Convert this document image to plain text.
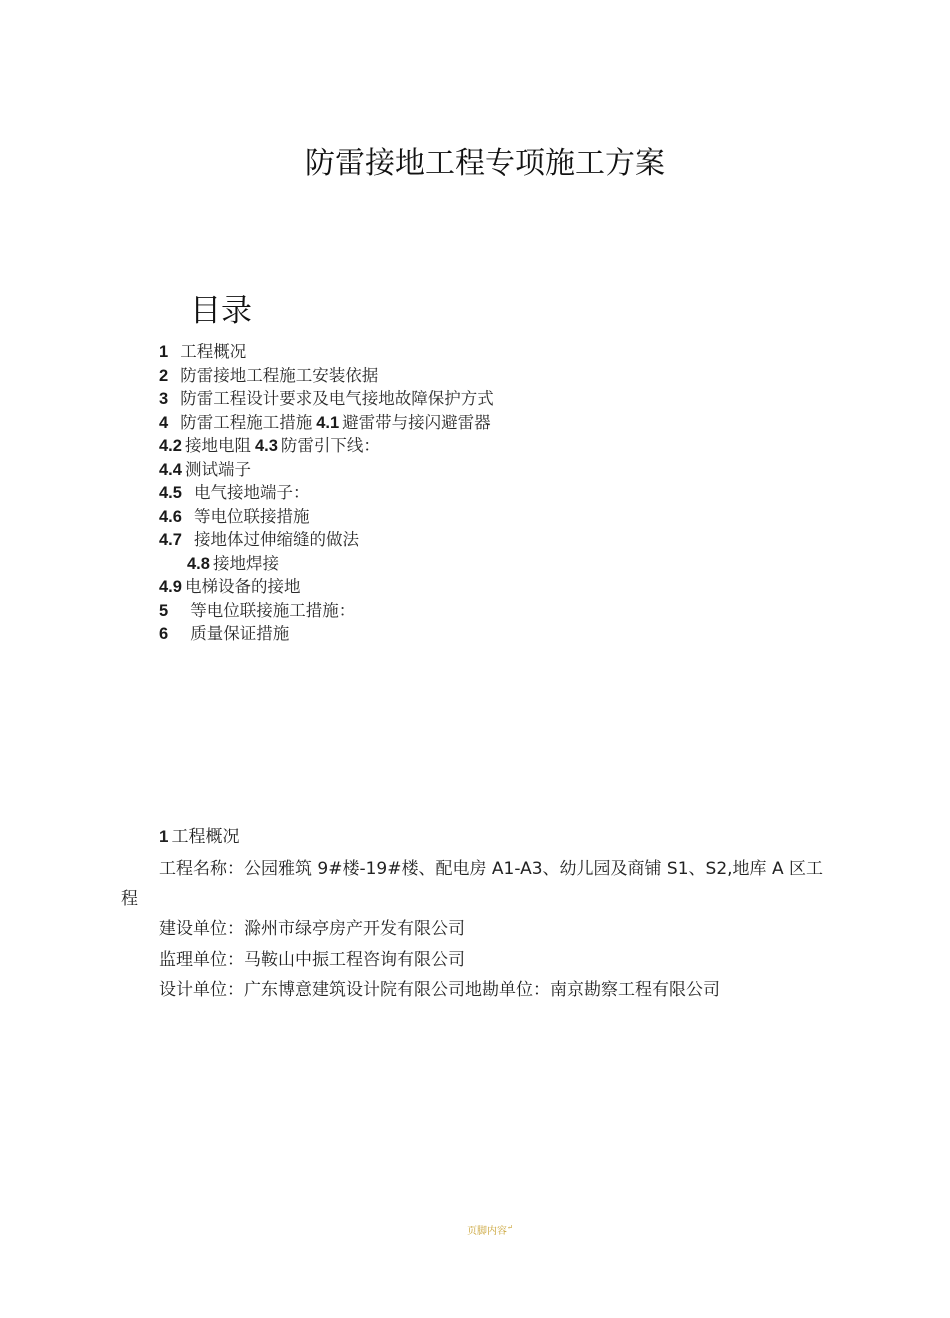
防雷接地工程专项施工方案
目录
1 工程概况
2 防雷接地工程施工安装依据
3 防雷工程设计要求及电气接地故障保护方式
4 防雷工程施工措施 4.1 避雷带与接闪避雷器
4.2 接地电阻 4.3 防雷引下线：
4.4 测试端子
4.5 电气接地端子：
4.6 等电位联接措施
4.7 接地体过伸缩缝的做法
4.8 接地焊接
4.9 电梯设备的接地
5 等电位联接施工措施：
6 质量保证措施
1 工程概况
工程名称：公园雅筑 9#楼-19#楼、配电房 A1-A3、幼儿园及商铺 S1、S2,地库 A 区工
程
建设单位：滁州市绿亭房产开发有限公司
监理单位：马鞍山中振工程咨询有限公司
设计单位：广东博意建筑设计院有限公司地勘单位：南京勘察工程有限公司
页脚内容↵
